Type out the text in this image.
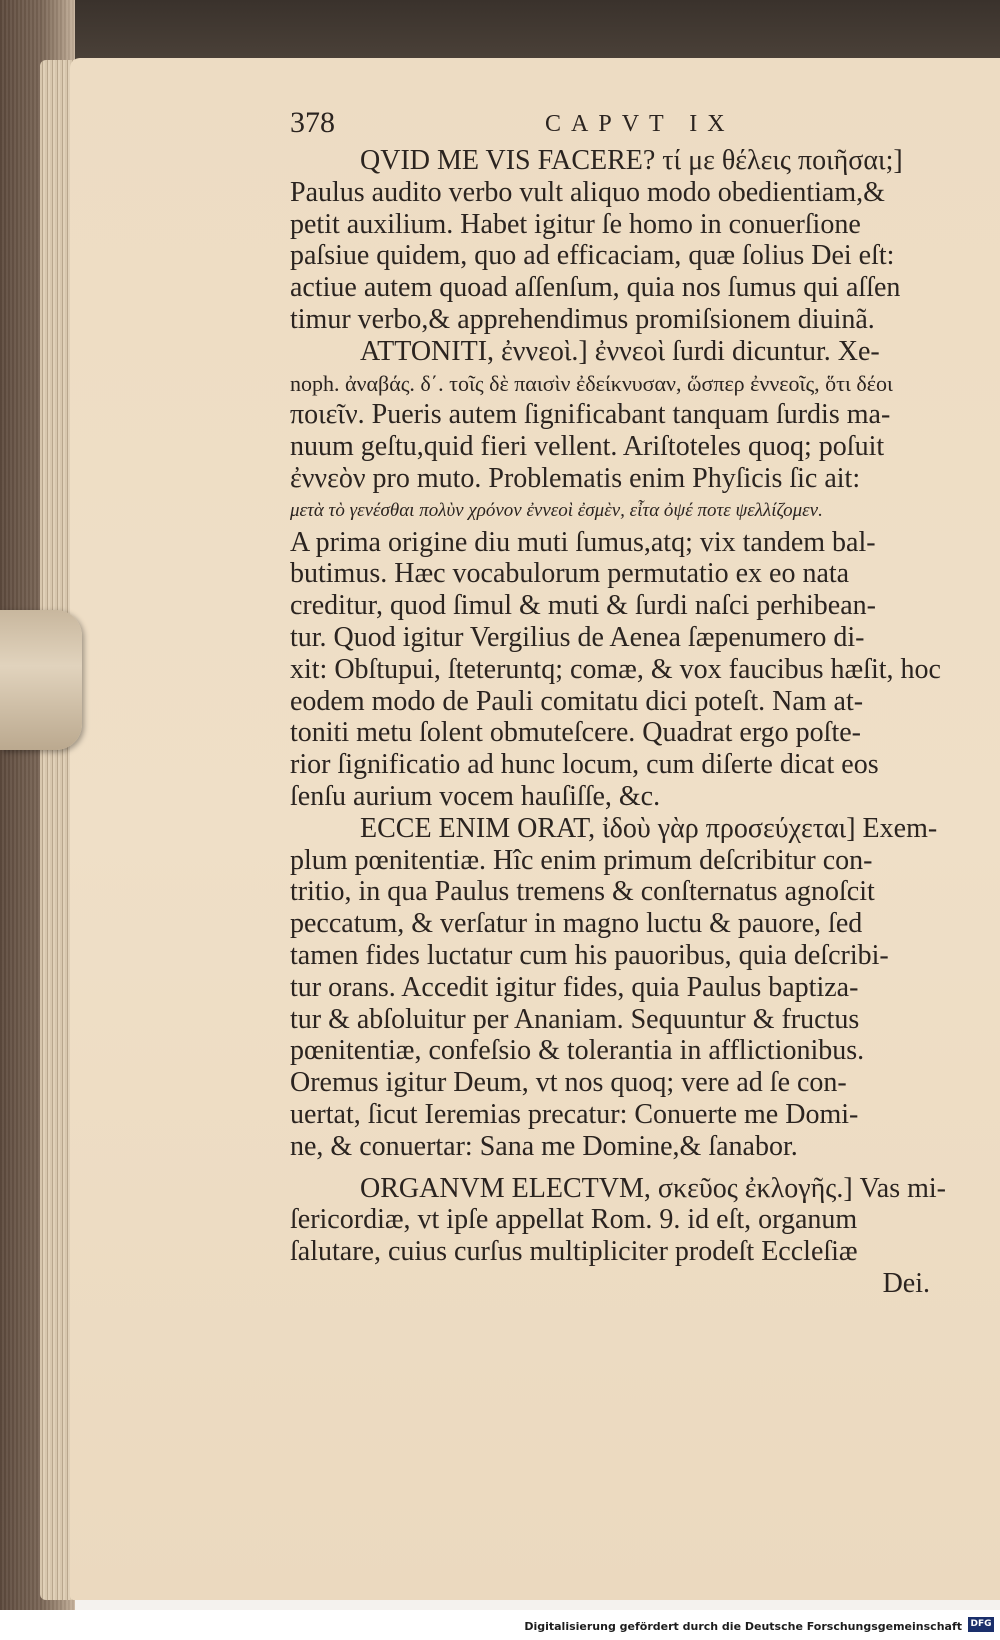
378	CAPVT IX
QVID ME VIS FACERE? τί με θέλεις ποιῆσαι;]
Paulus audito verbo vult aliquo modo obedientiam,&
petit auxilium. Habet igitur ſe homo in conuerſione
paſsiue quidem, quo ad efficaciam, quæ ſolius Dei eſt:
actiue autem quoad aſſenſum, quia nos ſumus qui aſſen
timur verbo,& apprehendimus promiſsionem diuinã.
ATTONITI, ἐννεοὶ.] ἐννεοὶ ſurdi dicuntur. Xe-
noph. ἀναβάς. δ΄. τοῖς δὲ παισὶν ἐδείκνυσαν, ὥσπερ ἐννεοῖς, ὅτι δέοι
ποιεῖν. Pueris autem ſignificabant tanquam ſurdis ma-
nuum geſtu,quid fieri vellent. Ariſtoteles quoq; poſuit
ἐννεὸν pro muto. Problematis enim Phyſicis ſic ait:
μετὰ τὸ γενέσθαι πολὺν χρόνον ἐννεοὶ ἐσμὲν, εἶτα ὀψέ ποτε ψελλίζομεν.
A prima origine diu muti ſumus,atq; vix tandem bal-
butimus. Hæc vocabulorum permutatio ex eo nata
creditur, quod ſimul & muti & ſurdi naſci perhibean-
tur. Quod igitur Vergilius de Aenea ſæpenumero di-
xit: Obſtupui, ſteteruntq; comæ, & vox faucibus hæſit, hoc
eodem modo de Pauli comitatu dici poteſt. Nam at-
toniti metu ſolent obmuteſcere. Quadrat ergo poſte-
rior ſignificatio ad hunc locum, cum diſerte dicat eos
ſenſu aurium vocem hauſiſſe, &c.
ECCE ENIM ORAT, ἰδοὺ γὰρ προσεύχεται] Exem-
plum pœnitentiæ. Hîc enim primum deſcribitur con-
tritio, in qua Paulus tremens & conſternatus agnoſcit
peccatum, & verſatur in magno luctu & pauore, ſed
tamen fides luctatur cum his pauoribus, quia deſcribi-
tur orans. Accedit igitur fides, quia Paulus baptiza-
tur & abſoluitur per Ananiam. Sequuntur & fructus
pœnitentiæ, confeſsio & tolerantia in afflictionibus.
Oremus igitur Deum, vt nos quoq; vere ad ſe con-
uertat, ſicut Ieremias precatur: Conuerte me Domi-
ne, & conuertar: Sana me Domine,& ſanabor.
ORGANVM ELECTVM, σκεῦος ἐκλογῆς.] Vas mi-
ſericordiæ, vt ipſe appellat Rom. 9. id eſt, organum
ſalutare, cuius curſus multipliciter prodeſt Eccleſiæ
Dei.
Digitalisierung gefördert durch die Deutsche Forschungsgemeinschaft DFG
